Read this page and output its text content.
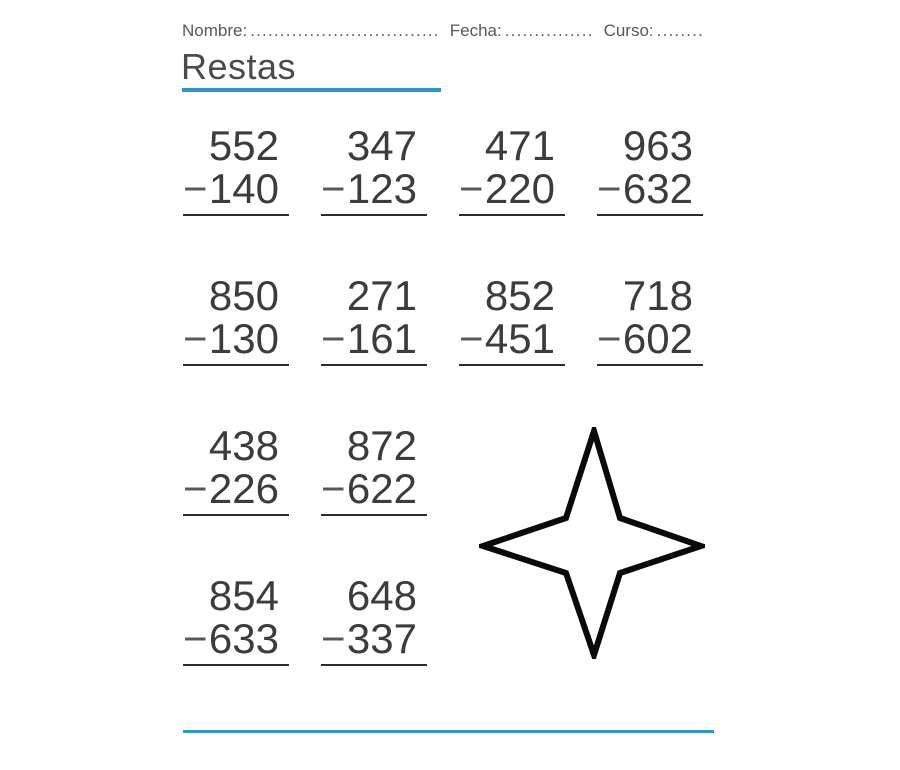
Nombre: ................................ Fecha: ............... Curso: ........
Restas
552
− 140
347
− 123
471
− 220
963
− 632
850
− 130
271
− 161
852
− 451
718
− 602
438
− 226
872
− 622
854
− 633
648
− 337
